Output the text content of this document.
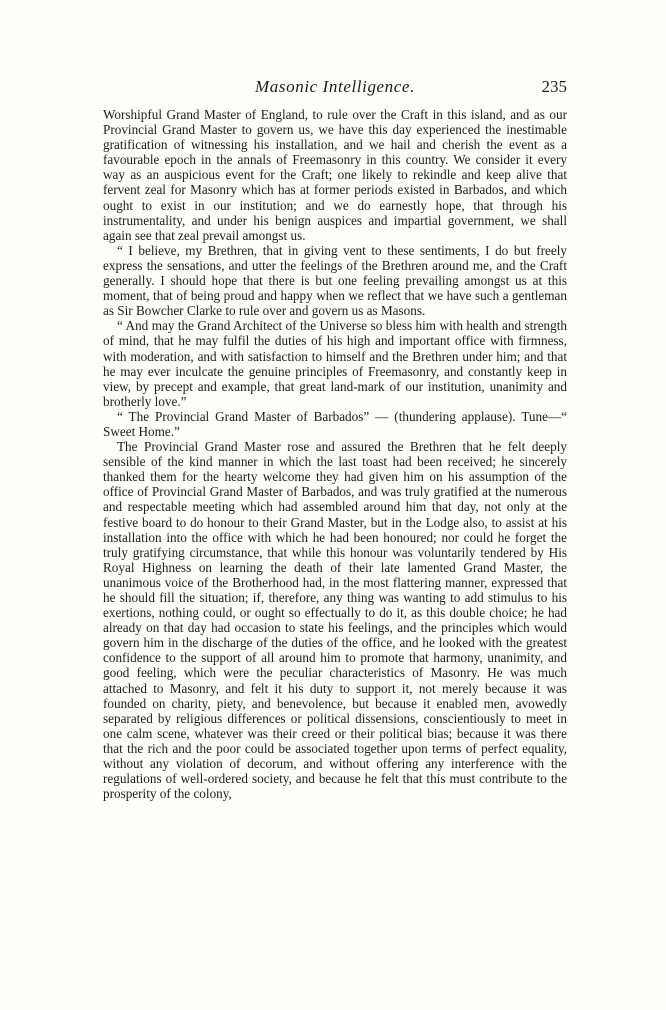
Masonic Intelligence.	235

Worshipful Grand Master of England, to rule over the Craft in this island, and as our Provincial Grand Master to govern us, we have this day experienced the inestimable gratification of witnessing his installation, and we hail and cherish the event as a favourable epoch in the annals of Freemasonry in this country. We consider it every way as an auspicious event for the Craft; one likely to rekindle and keep alive that fervent zeal for Masonry which has at former periods existed in Barbados, and which ought to exist in our institution; and we do earnestly hope, that through his instrumentality, and under his benign auspices and impartial government, we shall again see that zeal prevail amongst us.

“ I believe, my Brethren, that in giving vent to these sentiments, I do but freely express the sensations, and utter the feelings of the Brethren around me, and the Craft generally. I should hope that there is but one feeling prevailing amongst us at this moment, that of being proud and happy when we reflect that we have such a gentleman as Sir Bowcher Clarke to rule over and govern us as Masons.

“ And may the Grand Architect of the Universe so bless him with health and strength of mind, that he may fulfil the duties of his high and important office with firmness, with moderation, and with satisfaction to himself and the Brethren under him; and that he may ever inculcate the genuine principles of Freemasonry, and constantly keep in view, by precept and example, that great land-mark of our institution, unanimity and brotherly love.”

“ The Provincial Grand Master of Barbados” — (thundering applause). Tune—“ Sweet Home.”

The Provincial Grand Master rose and assured the Brethren that he felt deeply sensible of the kind manner in which the last toast had been received; he sincerely thanked them for the hearty welcome they had given him on his assumption of the office of Provincial Grand Master of Barbados, and was truly gratified at the numerous and respectable meeting which had assembled around him that day, not only at the festive board to do honour to their Grand Master, but in the Lodge also, to assist at his installation into the office with which he had been honoured; nor could he forget the truly gratifying circumstance, that while this honour was voluntarily tendered by His Royal Highness on learning the death of their late lamented Grand Master, the unanimous voice of the Brotherhood had, in the most flattering manner, expressed that he should fill the situation; if, therefore, any thing was wanting to add stimulus to his exertions, nothing could, or ought so effectually to do it, as this double choice; he had already on that day had occasion to state his feelings, and the principles which would govern him in the discharge of the duties of the office, and he looked with the greatest confidence to the support of all around him to promote that harmony, unanimity, and good feeling, which were the peculiar characteristics of Masonry. He was much attached to Masonry, and felt it his duty to support it, not merely because it was founded on charity, piety, and benevolence, but because it enabled men, avowedly separated by religious differences or political dissensions, conscientiously to meet in one calm scene, whatever was their creed or their political bias; because it was there that the rich and the poor could be associated together upon terms of perfect equality, without any violation of decorum, and without offering any interference with the regulations of well-ordered society, and because he felt that this must contribute to the prosperity of the colony,
